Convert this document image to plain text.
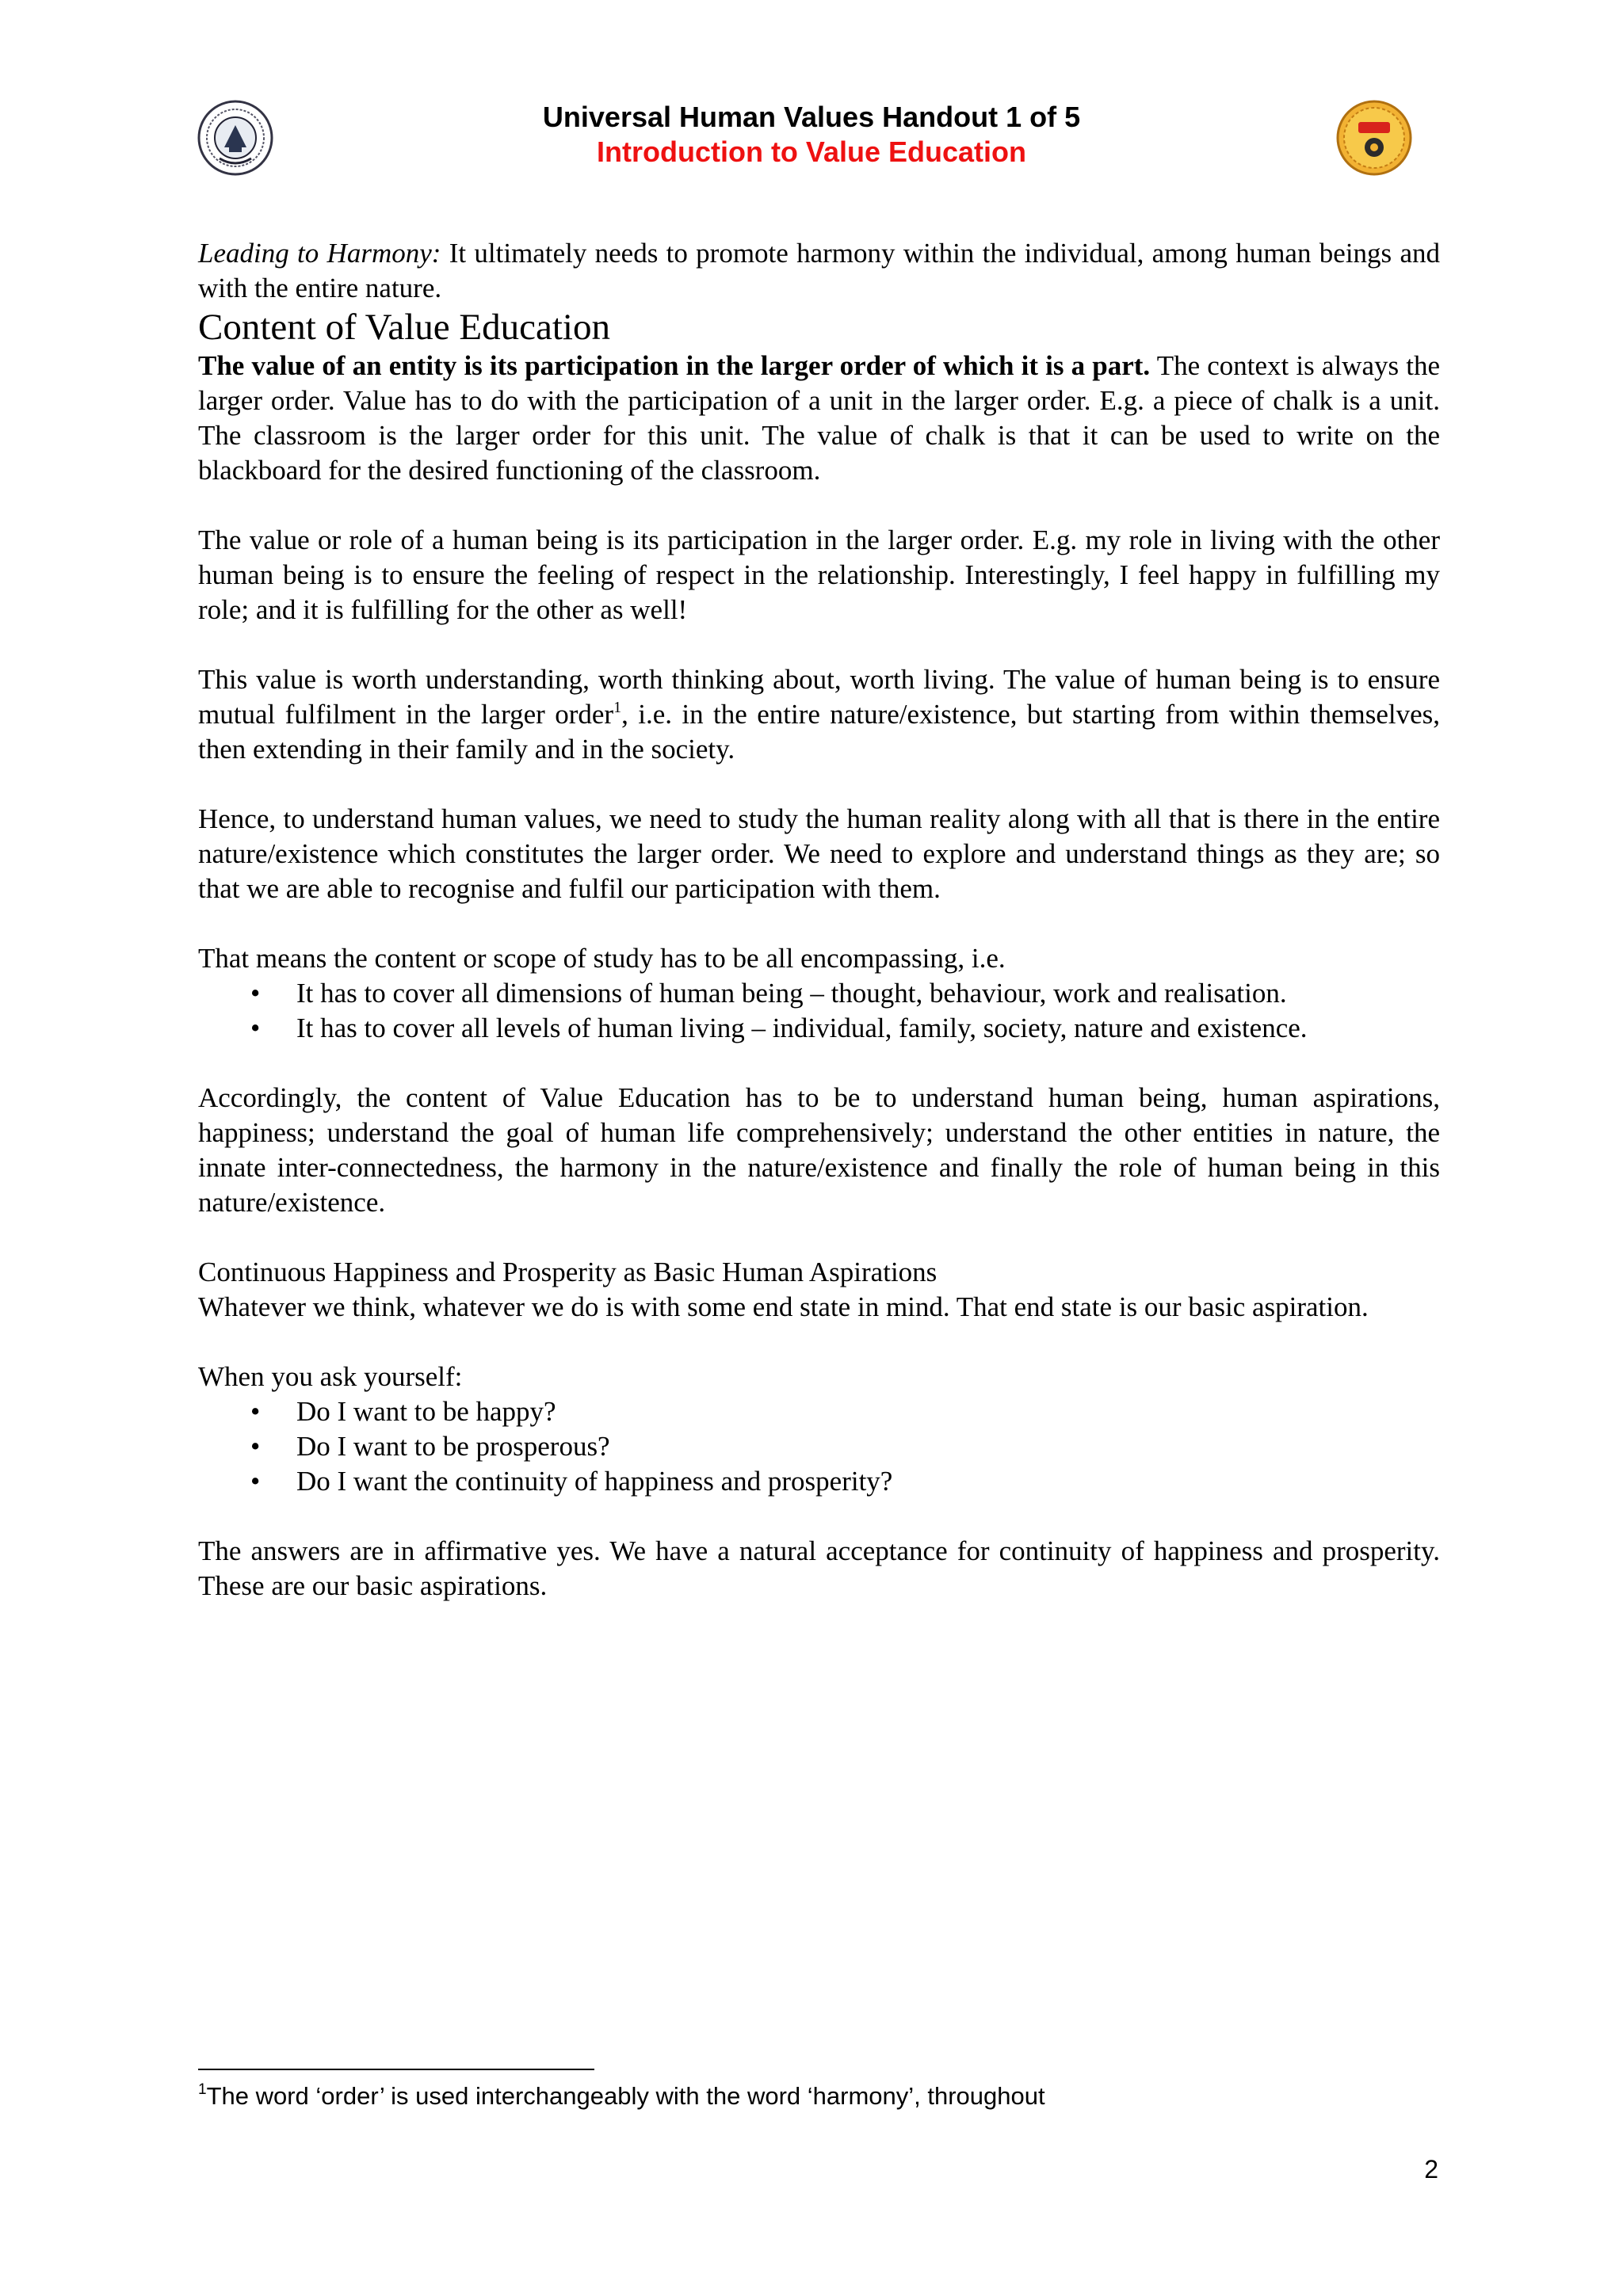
Universal Human Values Handout 1 of 5
Introduction to Value Education

Leading to Harmony: It ultimately needs to promote harmony within the individual, among human beings and with the entire nature.

Content of Value Education

The value of an entity is its participation in the larger order of which it is a part. The context is always the larger order. Value has to do with the participation of a unit in the larger order. E.g. a piece of chalk is a unit. The classroom is the larger order for this unit. The value of chalk is that it can be used to write on the blackboard for the desired functioning of the classroom.

The value or role of a human being is its participation in the larger order. E.g. my role in living with the other human being is to ensure the feeling of respect in the relationship. Interestingly, I feel happy in fulfilling my role; and it is fulfilling for the other as well!

This value is worth understanding, worth thinking about, worth living. The value of human being is to ensure mutual fulfilment in the larger order$^1$, i.e. in the entire nature/existence, but starting from within themselves, then extending in their family and in the society.

Hence, to understand human values, we need to study the human reality along with all that is there in the entire nature/existence which constitutes the larger order. We need to explore and understand things as they are; so that we are able to recognise and fulfil our participation with them.

That means the content or scope of study has to be all encompassing, i.e.

• It has to cover all dimensions of human being – thought, behaviour, work and realisation.
• It has to cover all levels of human living – individual, family, society, nature and existence.

Accordingly, the content of Value Education has to be to understand human being, human aspirations, happiness; understand the goal of human life comprehensively; understand the other entities in nature, the innate inter-connectedness, the harmony in the nature/existence and finally the role of human being in this nature/existence.

Continuous Happiness and Prosperity as Basic Human Aspirations

Whatever we think, whatever we do is with some end state in mind. That end state is our basic aspiration.

When you ask yourself:

• Do I want to be happy?
• Do I want to be prosperous?
• Do I want the continuity of happiness and prosperity?

The answers are in affirmative yes. We have a natural acceptance for continuity of happiness and prosperity. These are our basic aspirations.

$^1$The word ‘order’ is used interchangeably with the word ‘harmony’, throughout
2
